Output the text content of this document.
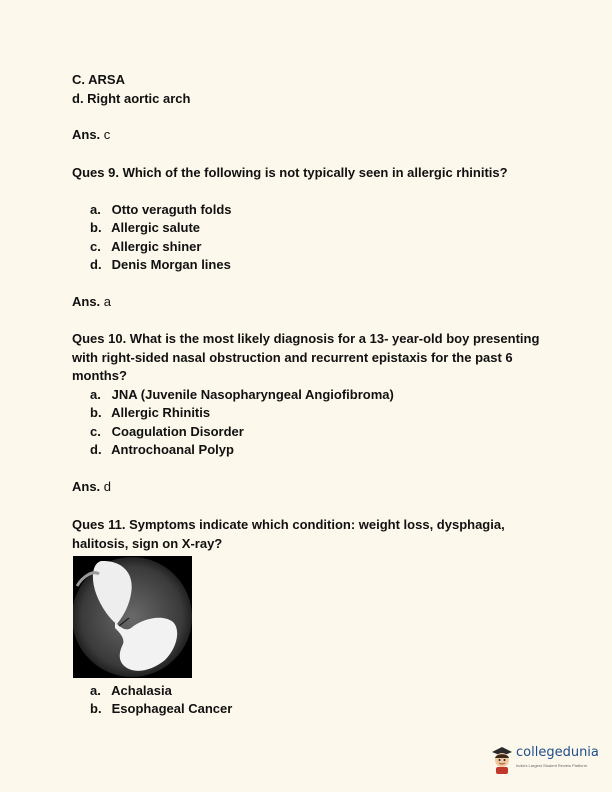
C. ARSA
d. Right aortic arch
Ans. c
Ques 9. Which of the following is not typically seen in allergic rhinitis?
a. Otto veraguth folds
b. Allergic salute
c. Allergic shiner
d. Denis Morgan lines
Ans. a
Ques 10. What is the most likely diagnosis for a 13- year-old boy presenting with right-sided nasal obstruction and recurrent epistaxis for the past 6 months?
a. JNA (Juvenile Nasopharyngeal Angiofibroma)
b. Allergic Rhinitis
c. Coagulation Disorder
d. Antrochoanal Polyp
Ans. d
Ques 11. Symptoms indicate which condition: weight loss, dysphagia, halitosis, sign on X-ray?
a. Achalasia
b. Esophageal Cancer
collegedunia
India's Largest Student Review Platform
